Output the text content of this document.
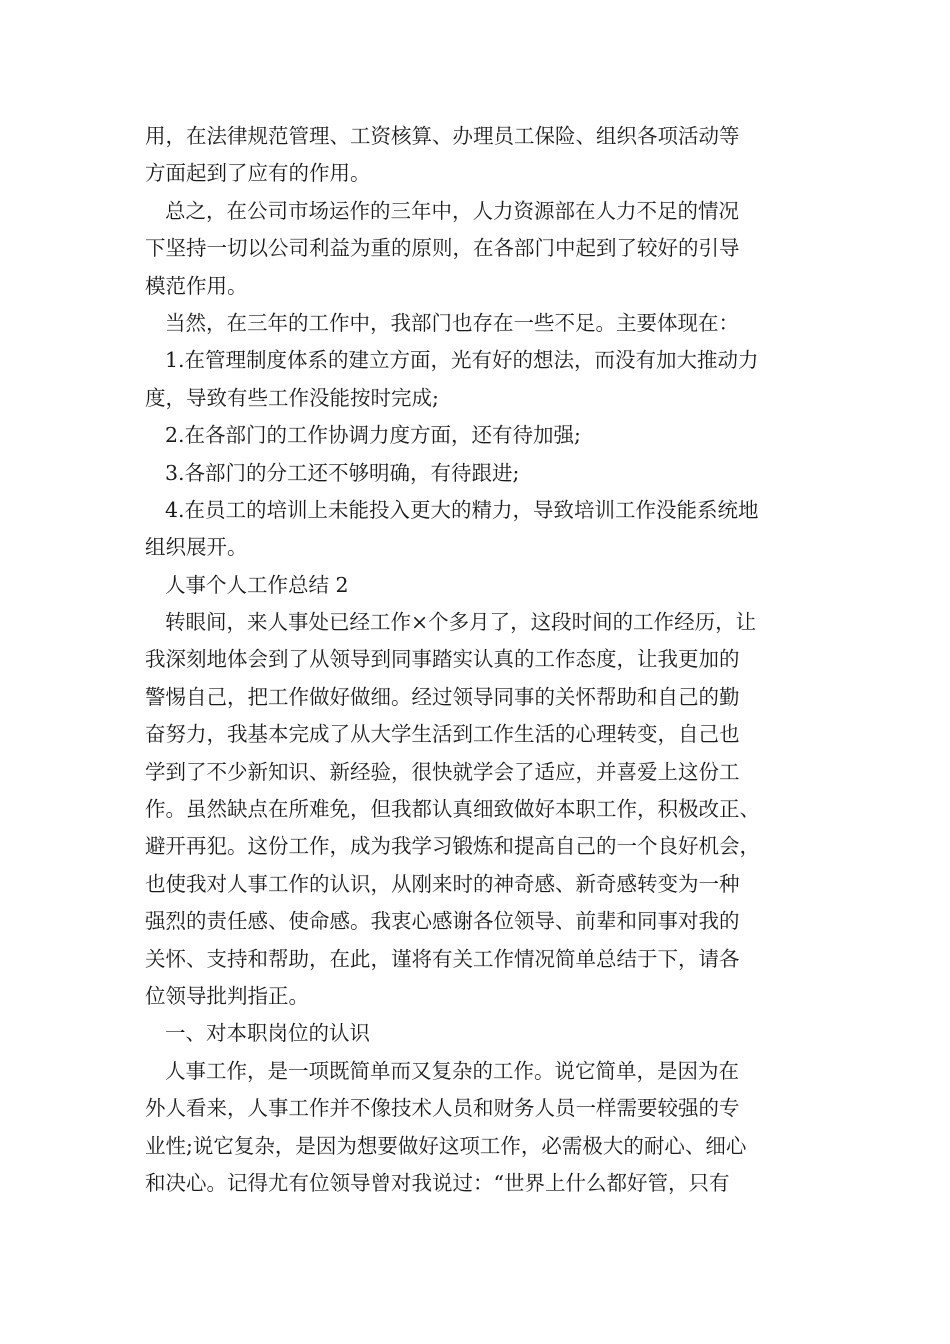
用，在法律规范管理、工资核算、办理员工保险、组织各项活动等
方面起到了应有的作用。
总之，在公司市场运作的三年中，人力资源部在人力不足的情况
下坚持一切以公司利益为重的原则，在各部门中起到了较好的引导
模范作用。
当然，在三年的工作中，我部门也存在一些不足。主要体现在：
1.在管理制度体系的建立方面，光有好的想法，而没有加大推动力
度，导致有些工作没能按时完成;
2.在各部门的工作协调力度方面，还有待加强;
3.各部门的分工还不够明确，有待跟进;
4.在员工的培训上未能投入更大的精力，导致培训工作没能系统地
组织展开。
人事个人工作总结 2
转眼间，来人事处已经工作×个多月了，这段时间的工作经历，让
我深刻地体会到了从领导到同事踏实认真的工作态度，让我更加的
警惕自己，把工作做好做细。经过领导同事的关怀帮助和自己的勤
奋努力，我基本完成了从大学生活到工作生活的心理转变，自己也
学到了不少新知识、新经验，很快就学会了适应，并喜爱上这份工
作。虽然缺点在所难免，但我都认真细致做好本职工作，积极改正、
避开再犯。这份工作，成为我学习锻炼和提高自己的一个良好机会，
也使我对人事工作的认识，从刚来时的神奇感、新奇感转变为一种
强烈的责任感、使命感。我衷心感谢各位领导、前辈和同事对我的
关怀、支持和帮助，在此，谨将有关工作情况简单总结于下，请各
位领导批判指正。
一、对本职岗位的认识
人事工作，是一项既简单而又复杂的工作。说它简单，是因为在
外人看来，人事工作并不像技术人员和财务人员一样需要较强的专
业性;说它复杂，是因为想要做好这项工作，必需极大的耐心、细心
和决心。记得尤有位领导曾对我说过：“世界上什么都好管，只有
